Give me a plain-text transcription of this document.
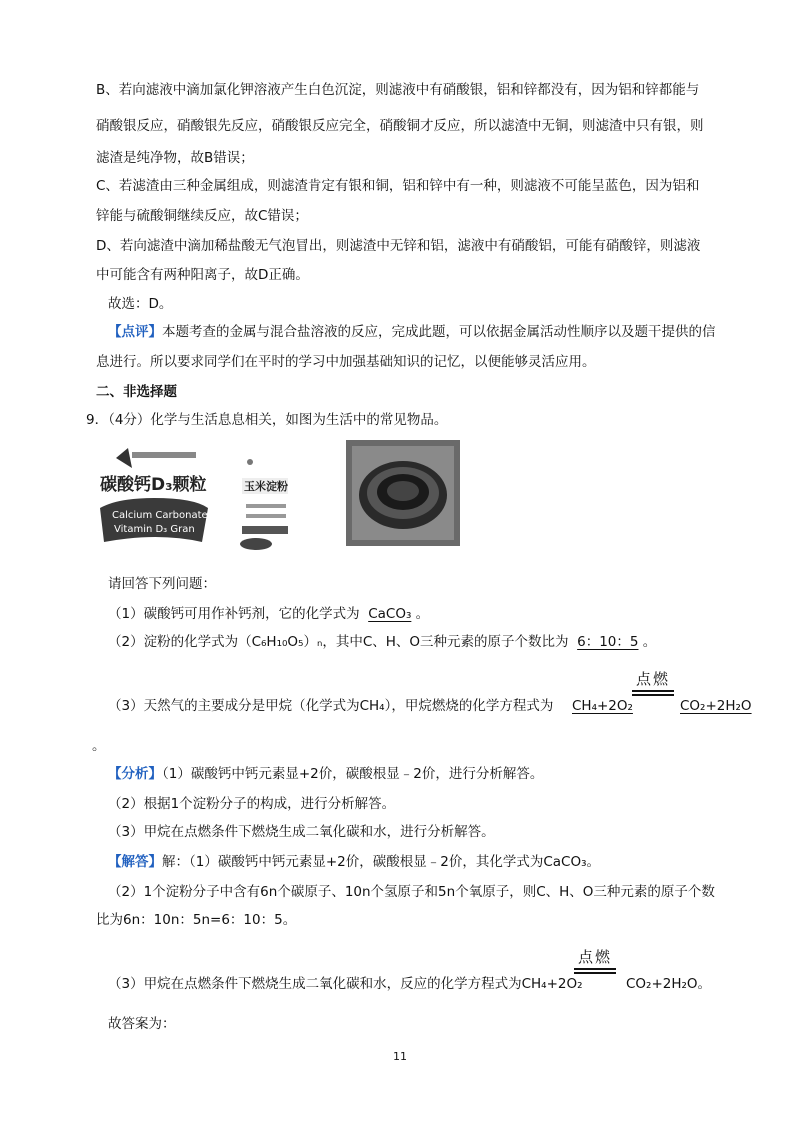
B、若向滤液中滴加氯化钾溶液产生白色沉淀，则滤液中有硝酸银，铝和锌都没有，因为铝和锌都能与
硝酸银反应，硝酸银先反应，硝酸银反应完全，硝酸铜才反应，所以滤渣中无铜，则滤渣中只有银，则
滤渣是纯净物，故B错误；
C、若滤渣由三种金属组成，则滤渣肯定有银和铜，铝和锌中有一种，则滤液不可能呈蓝色，因为铝和
锌能与硫酸铜继续反应，故C错误；
D、若向滤渣中滴加稀盐酸无气泡冒出，则滤渣中无锌和铝，滤液中有硝酸铝，可能有硝酸锌，则滤液
中可能含有两种阳离子，故D正确。
故选：D。
【点评】本题考查的金属与混合盐溶液的反应，完成此题，可以依据金属活动性顺序以及题干提供的信
息进行。所以要求同学们在平时的学习中加强基础知识的记忆，以便能够灵活应用。
二、非选择题
9．（4分）化学与生活息息相关，如图为生活中的常见物品。
碳酸钙D₃颗粒
Calcium Carbonate
Vitamin D₃ Gran
玉米淀粉
请回答下列问题：
（1）碳酸钙可用作补钙剂，它的化学式为 CaCO₃ 。
（2）淀粉的化学式为（C₆H₁₀O₅）ₙ，其中C、H、O三种元素的原子个数比为 6：10：5 。
点燃
（3）天然气的主要成分是甲烷（化学式为CH₄），甲烷燃烧的化学方程式为 CH₄+2O₂	CO₂+2H₂O
。
【分析】（1）碳酸钙中钙元素显+2价，碳酸根显﹣2价，进行分析解答。
（2）根据1个淀粉分子的构成，进行分析解答。
（3）甲烷在点燃条件下燃烧生成二氧化碳和水，进行分析解答。
【解答】解：（1）碳酸钙中钙元素显+2价，碳酸根显﹣2价，其化学式为CaCO₃。
（2）1个淀粉分子中含有6n个碳原子、10n个氢原子和5n个氧原子，则C、H、O三种元素的原子个数
比为6n：10n：5n=6：10：5。
点燃
（3）甲烷在点燃条件下燃烧生成二氧化碳和水，反应的化学方程式为CH₄+2O₂	CO₂+2H₂O。
故答案为：
11
